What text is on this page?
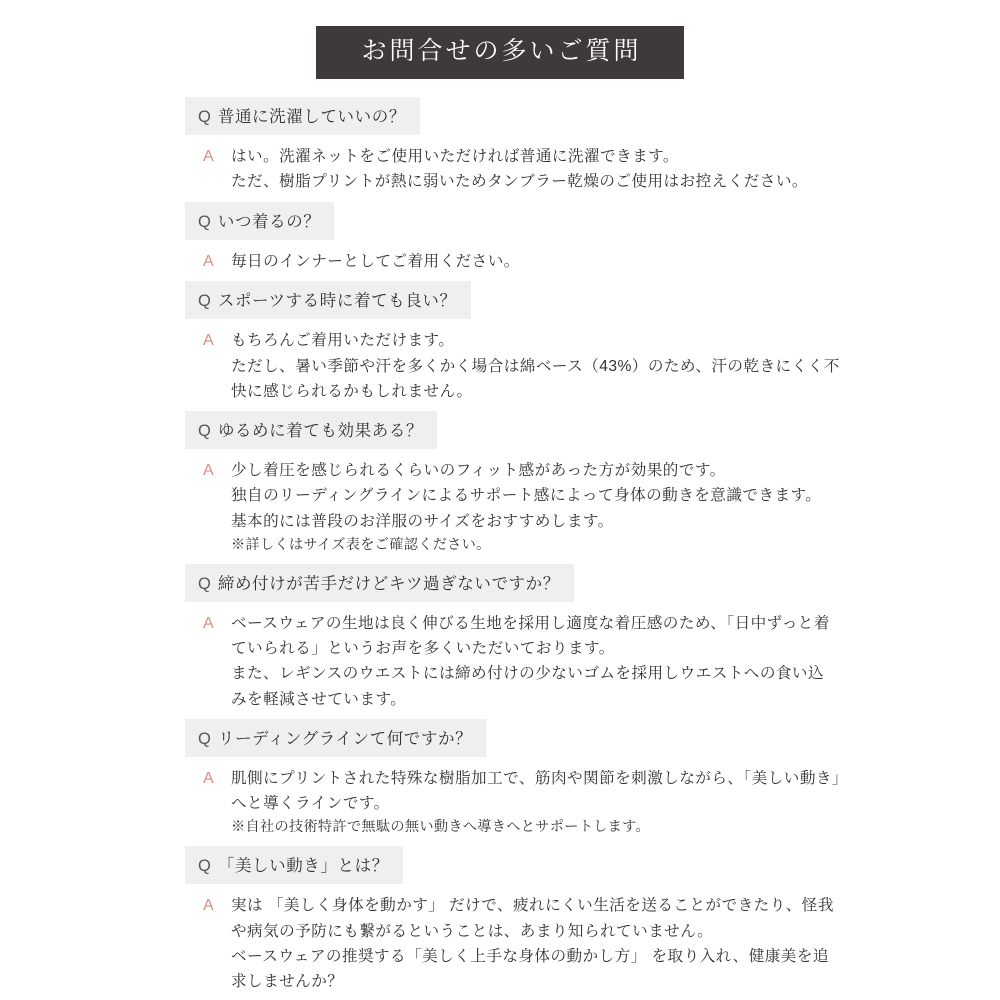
お問合せの多いご質問
Q 普通に洗濯していいの？
A	はい。洗濯ネットをご使用いただければ普通に洗濯できます。
ただ、樹脂プリントが熱に弱いためタンブラー乾燥のご使用はお控えください。
Q いつ着るの？
A	毎日のインナーとしてご着用ください。
Q スポーツする時に着ても良い？
A	もちろんご着用いただけます。
ただし、暑い季節や汗を多くかく場合は綿ベース（43%）のため、汗の乾きにくく不
快に感じられるかもしれません。
Q ゆるめに着ても効果ある？
A	少し着圧を感じられるくらいのフィット感があった方が効果的です。
独自のリーディングラインによるサポート感によって身体の動きを意識できます。
基本的には普段のお洋服のサイズをおすすめします。
※詳しくはサイズ表をご確認ください。
Q 締め付けが苦手だけどキツ過ぎないですか？
A	ベースウェアの生地は良く伸びる生地を採用し適度な着圧感のため、「日中ずっと着
ていられる」というお声を多くいただいております。
また、レギンスのウエストには締め付けの少ないゴムを採用しウエストへの食い込
みを軽減させています。
Q リーディングラインて何ですか？
A	肌側にプリントされた特殊な樹脂加工で、筋肉や関節を刺激しながら、「美しい動き」
へと導くラインです。
※自社の技術特許で無駄の無い動きへ導きへとサポートします。
Q 「美しい動き」とは？
A	実は 「美しく身体を動かす」 だけで、疲れにくい生活を送ることができたり、怪我
や病気の予防にも繋がるということは、あまり知られていません。
ベースウェアの推奨する「美しく上手な身体の動かし方」 を取り入れ、健康美を追
求しませんか？
